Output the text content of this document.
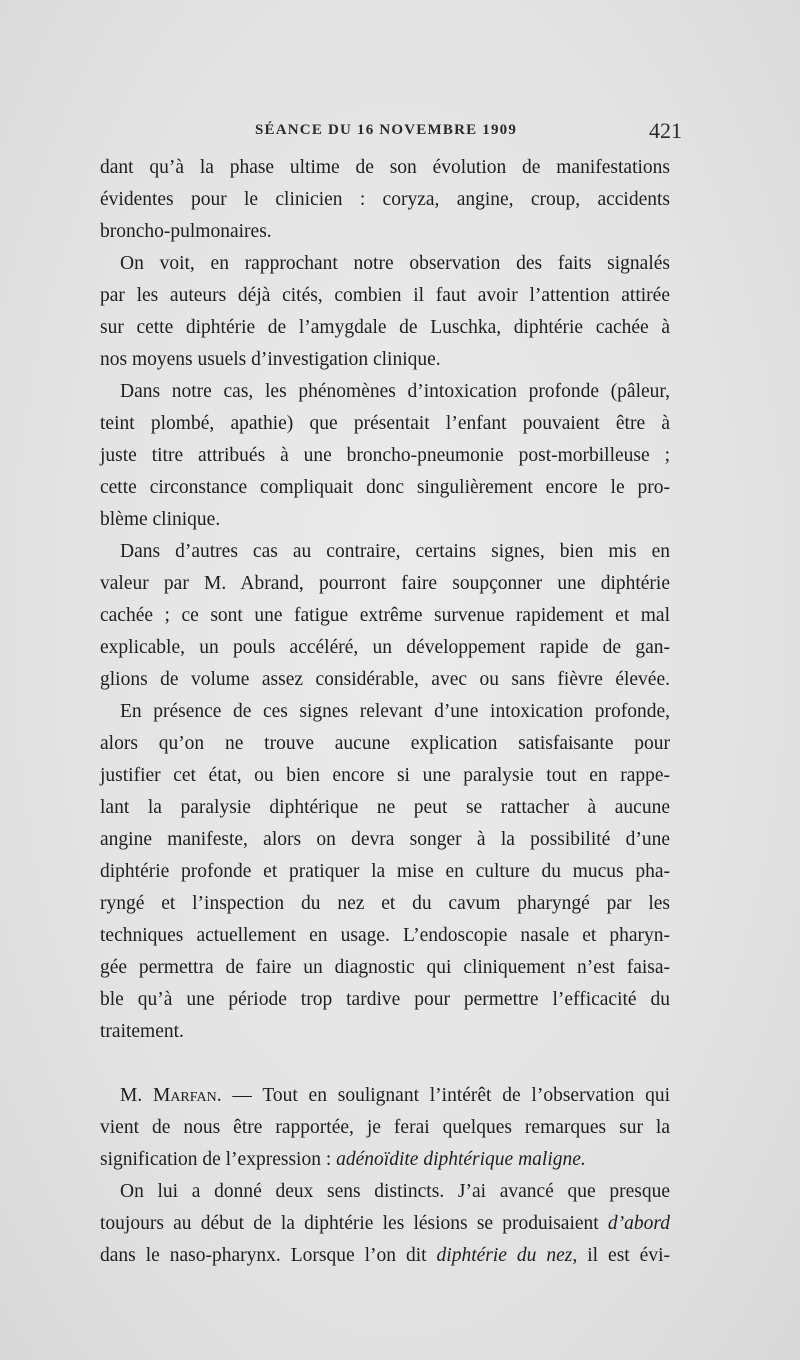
SÉANCE DU 16 NOVEMBRE 1909	421
dant qu’à la phase ultime de son évolution de manifestations
évidentes pour le clinicien : coryza, angine, croup, accidents
broncho-pulmonaires.
On voit, en rapprochant notre observation des faits signalés
par les auteurs déjà cités, combien il faut avoir l’attention attirée
sur cette diphtérie de l’amygdale de Luschka, diphtérie cachée à
nos moyens usuels d’investigation clinique.
Dans notre cas, les phénomènes d’intoxication profonde (pâleur,
teint plombé, apathie) que présentait l’enfant pouvaient être à
juste titre attribués à une broncho-pneumonie post-morbilleuse ;
cette circonstance compliquait donc singulièrement encore le pro-
blème clinique.
Dans d’autres cas au contraire, certains signes, bien mis en
valeur par M. Abrand, pourront faire soupçonner une diphtérie
cachée ; ce sont une fatigue extrême survenue rapidement et mal
explicable, un pouls accéléré, un développement rapide de gan-
glions de volume assez considérable, avec ou sans fièvre élevée.
En présence de ces signes relevant d’une intoxication profonde,
alors qu’on ne trouve aucune explication satisfaisante pour
justifier cet état, ou bien encore si une paralysie tout en rappe-
lant la paralysie diphtérique ne peut se rattacher à aucune
angine manifeste, alors on devra songer à la possibilité d’une
diphtérie profonde et pratiquer la mise en culture du mucus pha-
ryngé et l’inspection du nez et du cavum pharyngé par les
techniques actuellement en usage. L’endoscopie nasale et pharyn-
gée permettra de faire un diagnostic qui cliniquement n’est faisa-
ble qu’à une période trop tardive pour permettre l’efficacité du
traitement.
M. Marfan. — Tout en soulignant l’intérêt de l’observation qui
vient de nous être rapportée, je ferai quelques remarques sur la
signification de l’expression : adénoïdite diphtérique maligne.
On lui a donné deux sens distincts. J’ai avancé que presque
toujours au début de la diphtérie les lésions se produisaient d’abord
dans le naso-pharynx. Lorsque l’on dit diphtérie du nez, il est évi-
